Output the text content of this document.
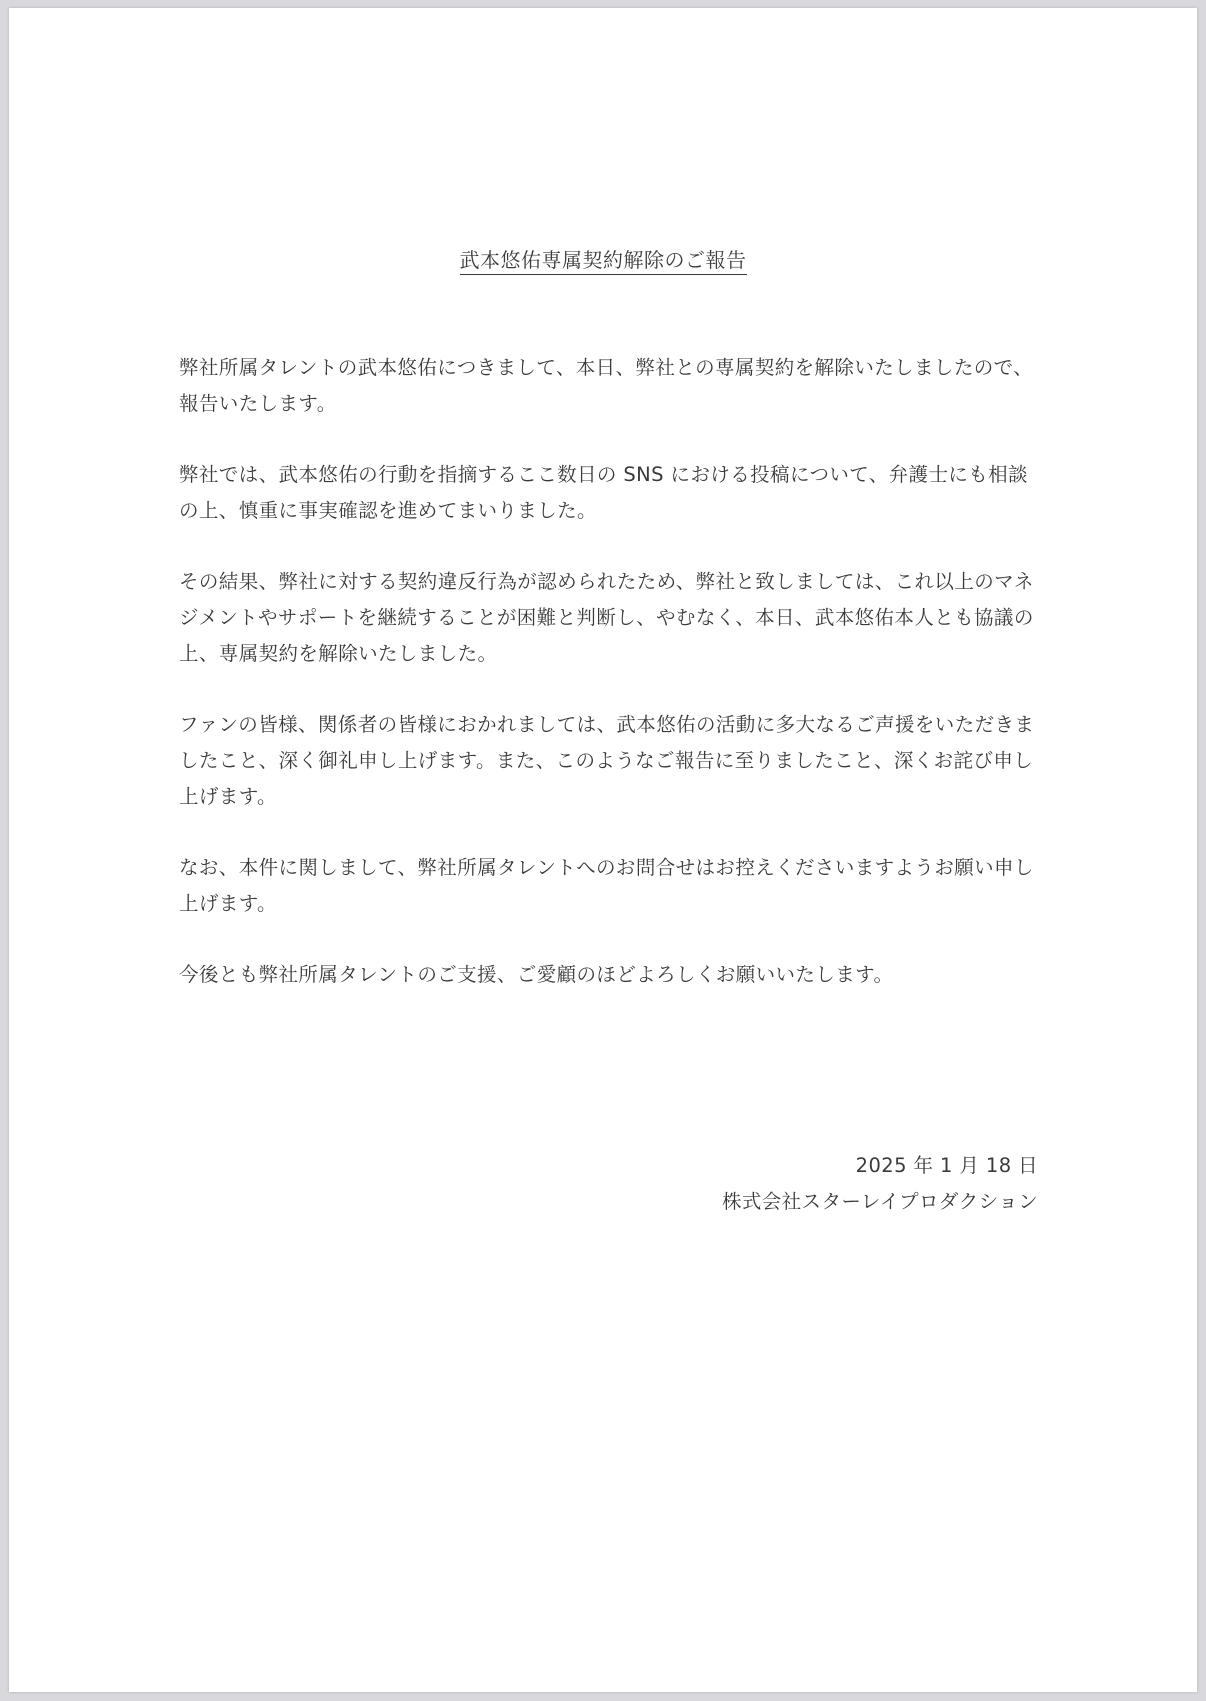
武本悠佑専属契約解除のご報告

弊社所属タレントの武本悠佑につきまして、本日、弊社との専属契約を解除いたしましたので、報告いたします。

弊社では、武本悠佑の行動を指摘するここ数日の SNS における投稿について、弁護士にも相談の上、慎重に事実確認を進めてまいりました。

その結果、弊社に対する契約違反行為が認められたため、弊社と致しましては、これ以上のマネジメントやサポートを継続することが困難と判断し、やむなく、本日、武本悠佑本人とも協議の上、専属契約を解除いたしました。

ファンの皆様、関係者の皆様におかれましては、武本悠佑の活動に多大なるご声援をいただきましたこと、深く御礼申し上げます。また、このようなご報告に至りましたこと、深くお詫び申し上げます。

なお、本件に関しまして、弊社所属タレントへのお問合せはお控えくださいますようお願い申し上げます。

今後とも弊社所属タレントのご支援、ご愛顧のほどよろしくお願いいたします。

2025 年 1 月 18 日
株式会社スターレイプロダクション
